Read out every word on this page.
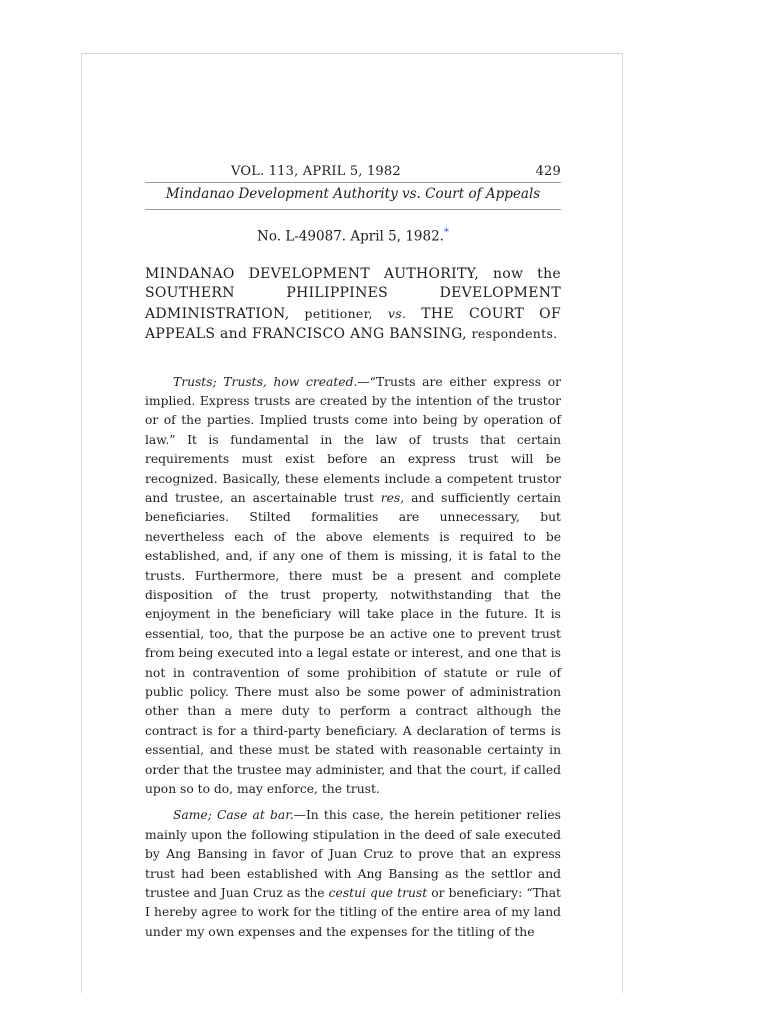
VOL. 113, APRIL 5, 1982	429
Mindanao Development Authority vs. Court of Appeals
No. L-49087. April 5, 1982.*
MINDANAO DEVELOPMENT AUTHORITY, now the SOUTHERN PHILIPPINES DEVELOPMENT ADMINISTRATION, petitioner, vs. THE COURT OF APPEALS and FRANCISCO ANG BANSING, respondents.

Trusts; Trusts, how created.—“Trusts are either express or implied. Express trusts are created by the intention of the trustor or of the parties. Implied trusts come into being by operation of law.” It is fundamental in the law of trusts that certain requirements must exist before an express trust will be recognized. Basically, these elements include a competent trustor and trustee, an ascertainable trust res, and sufficiently certain beneficiaries. Stilted formalities are unnecessary, but nevertheless each of the above elements is required to be established, and, if any one of them is missing, it is fatal to the trusts. Furthermore, there must be a present and complete disposition of the trust property, notwithstanding that the enjoyment in the beneficiary will take place in the future. It is essential, too, that the purpose be an active one to prevent trust from being executed into a legal estate or interest, and one that is not in contravention of some prohibition of statute or rule of public policy. There must also be some power of administration other than a mere duty to perform a contract although the contract is for a third-party beneficiary. A declaration of terms is essential, and these must be stated with reasonable certainty in order that the trustee may administer, and that the court, if called upon so to do, may enforce, the trust.

Same; Case at bar.—In this case, the herein petitioner relies mainly upon the following stipulation in the deed of sale executed by Ang Bansing in favor of Juan Cruz to prove that an express trust had been established with Ang Bansing as the settlor and trustee and Juan Cruz as the cestui que trust or beneficiary: “That I hereby agree to work for the titling of the entire area of my land under my own expenses and the expenses for the titling of the
